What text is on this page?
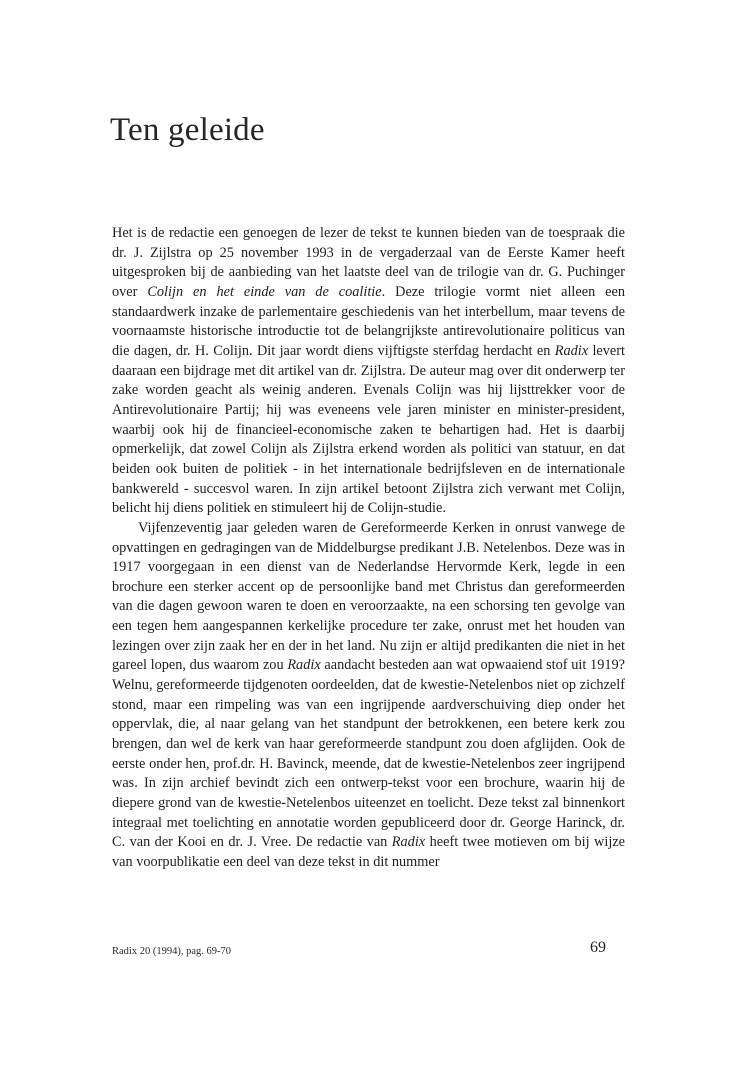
Ten geleide

Het is de redactie een genoegen de lezer de tekst te kunnen bieden van de toespraak die dr. J. Zijlstra op 25 november 1993 in de vergaderzaal van de Eerste Kamer heeft uitgesproken bij de aanbieding van het laatste deel van de trilogie van dr. G. Puchinger over Colijn en het einde van de coalitie. Deze trilogie vormt niet alleen een standaardwerk inzake de parlementaire geschiedenis van het interbellum, maar tevens de voornaamste historische introductie tot de belangrijkste antirevolutionaire politicus van die dagen, dr. H. Colijn. Dit jaar wordt diens vijftigste sterfdag herdacht en Radix levert daaraan een bijdrage met dit artikel van dr. Zijlstra. De auteur mag over dit onderwerp ter zake worden geacht als weinig anderen. Evenals Colijn was hij lijsttrekker voor de Antirevolutionaire Partij; hij was eveneens vele jaren minister en minister-president, waarbij ook hij de financieel-economische zaken te behartigen had. Het is daarbij opmerkelijk, dat zowel Colijn als Zijlstra erkend worden als politici van statuur, en dat beiden ook buiten de politiek - in het internationale bedrijfsleven en de internationale bankwereld - succesvol waren. In zijn artikel betoont Zijlstra zich verwant met Colijn, belicht hij diens politiek en stimuleert hij de Colijn-studie.

Vijfenzeventig jaar geleden waren de Gereformeerde Kerken in onrust vanwege de opvattingen en gedragingen van de Middelburgse predikant J.B. Netelenbos. Deze was in 1917 voorgegaan in een dienst van de Nederlandse Hervormde Kerk, legde in een brochure een sterker accent op de persoonlijke band met Christus dan gereformeerden van die dagen gewoon waren te doen en veroorzaakte, na een schorsing ten gevolge van een tegen hem aangespannen kerkelijke procedure ter zake, onrust met het houden van lezingen over zijn zaak her en der in het land. Nu zijn er altijd predikanten die niet in het gareel lopen, dus waarom zou Radix aandacht besteden aan wat opwaaiend stof uit 1919? Welnu, gereformeerde tijdgenoten oordeelden, dat de kwestie-Netelenbos niet op zichzelf stond, maar een rimpeling was van een ingrijpende aardverschuiving diep onder het oppervlak, die, al naar gelang van het standpunt der betrokkenen, een betere kerk zou brengen, dan wel de kerk van haar gereformeerde standpunt zou doen afglijden. Ook de eerste onder hen, prof.dr. H. Bavinck, meende, dat de kwestie-Netelenbos zeer ingrijpend was. In zijn archief bevindt zich een ontwerp-tekst voor een brochure, waarin hij de diepere grond van de kwestie-Netelenbos uiteenzet en toelicht. Deze tekst zal binnenkort integraal met toelichting en annotatie worden gepubliceerd door dr. George Harinck, dr. C. van der Kooi en dr. J. Vree. De redactie van Radix heeft twee motieven om bij wijze van voorpublikatie een deel van deze tekst in dit nummer

Radix 20 (1994), pag. 69-70	69
